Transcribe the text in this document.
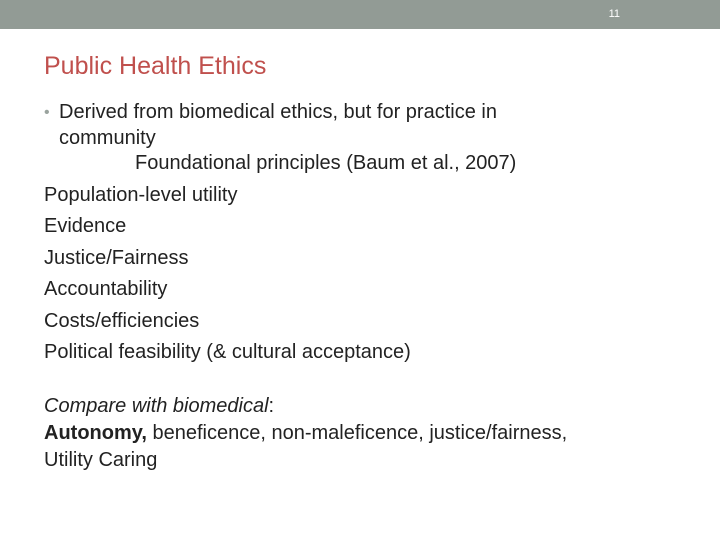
11
Public Health Ethics
• Derived from biomedical ethics, but for practice in
community
Foundational principles (Baum et al., 2007)
Population-level utility
Evidence
Justice/Fairness
Accountability
Costs/efficiencies
Political feasibility (& cultural acceptance)
Compare with biomedical:
Autonomy, beneficence, non-maleficence, justice/fairness,
Utility Caring
